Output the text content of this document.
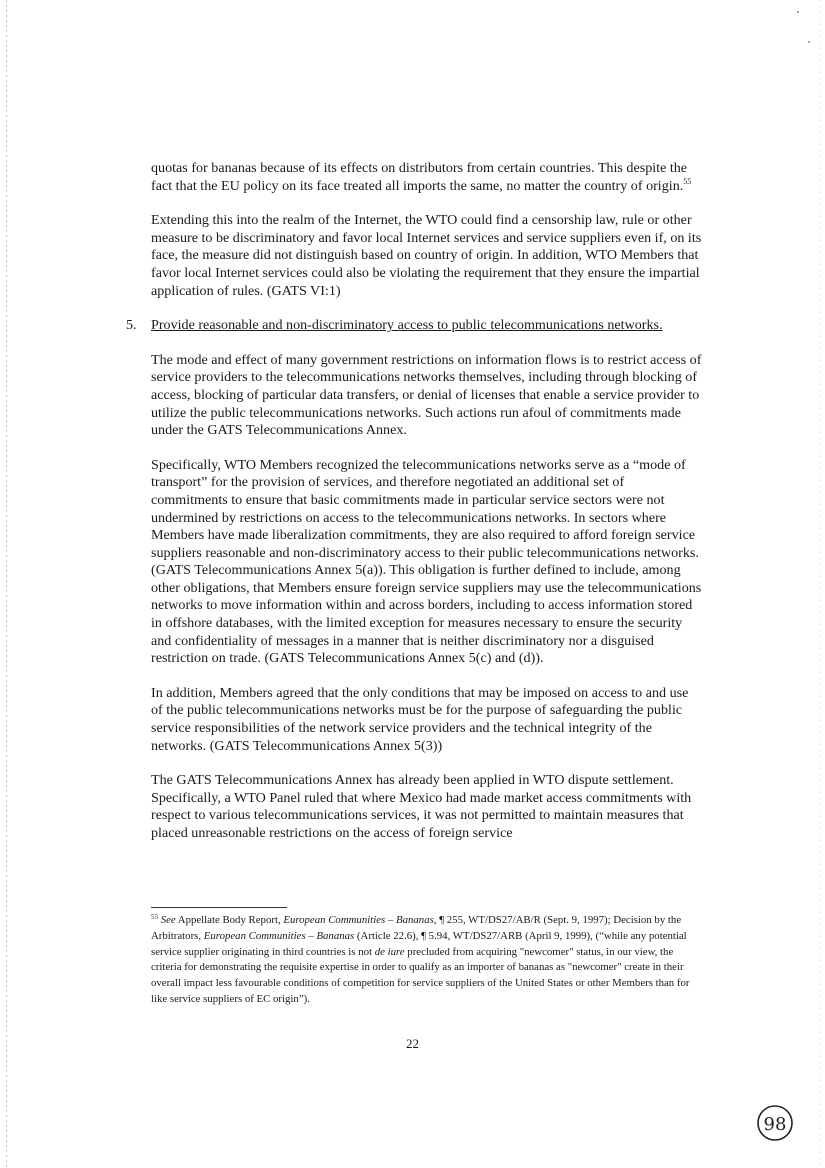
quotas for bananas because of its effects on distributors from certain countries. This despite the fact that the EU policy on its face treated all imports the same, no matter the country of origin.$^{55}$

Extending this into the realm of the Internet, the WTO could find a censorship law, rule or other measure to be discriminatory and favor local Internet services and service suppliers even if, on its face, the measure did not distinguish based on country of origin. In addition, WTO Members that favor local Internet services could also be violating the requirement that they ensure the impartial application of rules. (GATS VI:1)

5. Provide reasonable and non-discriminatory access to public telecommunications networks.

The mode and effect of many government restrictions on information flows is to restrict access of service providers to the telecommunications networks themselves, including through blocking of access, blocking of particular data transfers, or denial of licenses that enable a service provider to utilize the public telecommunications networks. Such actions run afoul of commitments made under the GATS Telecommunications Annex.

Specifically, WTO Members recognized the telecommunications networks serve as a “mode of transport” for the provision of services, and therefore negotiated an additional set of commitments to ensure that basic commitments made in particular service sectors were not undermined by restrictions on access to the telecommunications networks. In sectors where Members have made liberalization commitments, they are also required to afford foreign service suppliers reasonable and non-discriminatory access to their public telecommunications networks. (GATS Telecommunications Annex 5(a)). This obligation is further defined to include, among other obligations, that Members ensure foreign service suppliers may use the telecommunications networks to move information within and across borders, including to access information stored in offshore databases, with the limited exception for measures necessary to ensure the security and confidentiality of messages in a manner that is neither discriminatory nor a disguised restriction on trade. (GATS Telecommunications Annex 5(c) and (d)).

In addition, Members agreed that the only conditions that may be imposed on access to and use of the public telecommunications networks must be for the purpose of safeguarding the public service responsibilities of the network service providers and the technical integrity of the networks. (GATS Telecommunications Annex 5(3))

The GATS Telecommunications Annex has already been applied in WTO dispute settlement. Specifically, a WTO Panel ruled that where Mexico had made market access commitments with respect to various telecommunications services, it was not permitted to maintain measures that placed unreasonable restrictions on the access of foreign service

$^{55}$ See Appellate Body Report, European Communities – Bananas, ¶ 255, WT/DS27/AB/R (Sept. 9, 1997); Decision by the Arbitrators, European Communities – Bananas (Article 22.6), ¶ 5.94, WT/DS27/ARB (April 9, 1999), (“while any potential service supplier originating in third countries is not de iure precluded from acquiring "newcomer" status, in our view, the criteria for demonstrating the requisite expertise in order to qualify as an importer of bananas as "newcomer" create in their overall impact less favourable conditions of competition for service suppliers of the United States or other Members than for like service suppliers of EC origin”).
22
98
